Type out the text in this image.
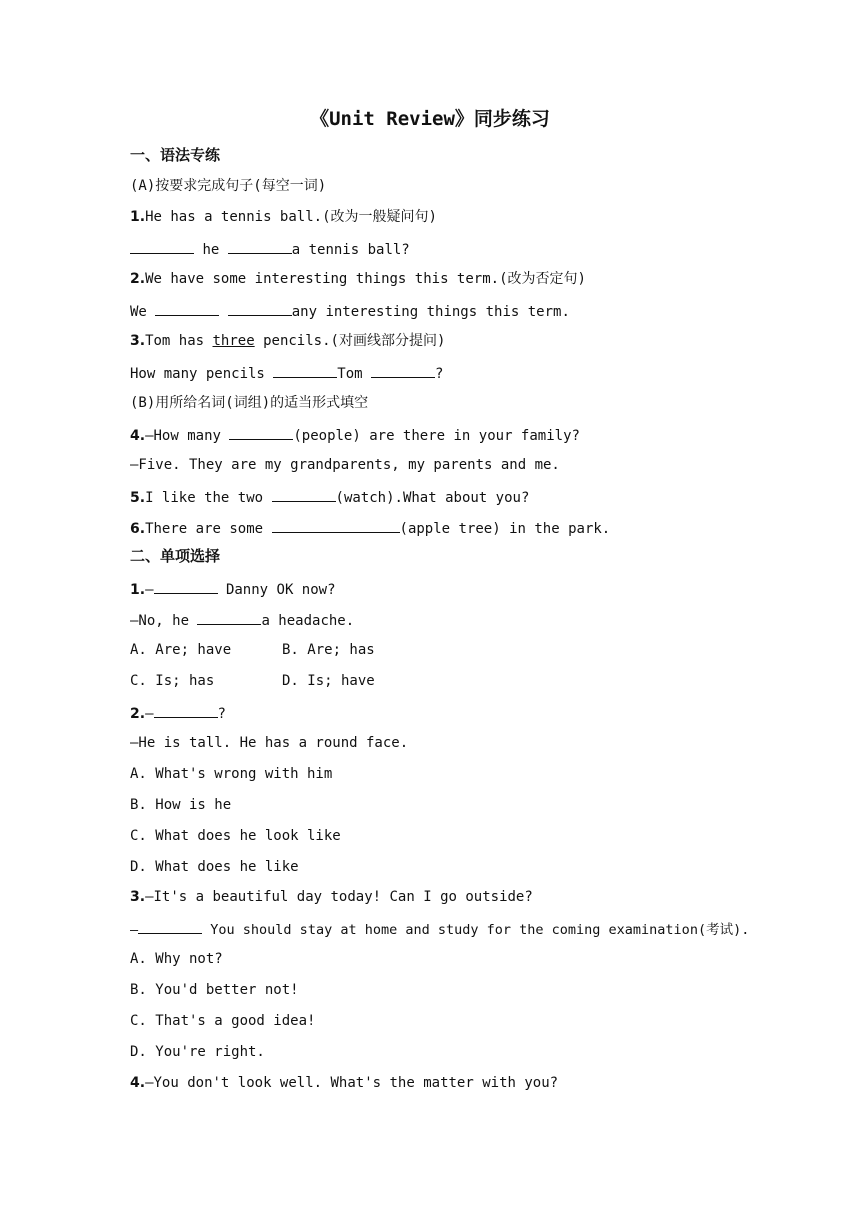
《Unit Review》同步练习
一、语法专练
(A)按要求完成句子(每空一词)
1.He has a tennis ball.(改为一般疑问句)
he	a tennis ball?
2.We have some interesting things this term.(改为否定句)
We	any interesting things this term.
3.Tom has three pencils.(对画线部分提问)
How many pencils	Tom	?
(B)用所给名词(词组)的适当形式填空
4.—How many	(people) are there in your family?
—Five. They are my grandparents, my parents and me.
5.I like the two	(watch).What about you?
6.There are some	(apple tree) in the park.
二、单项选择
1.—	Danny OK now?
—No, he	a headache.
A. Are; have	B. Are; has
C. Is; has	D. Is; have
2.—	?
—He is tall. He has a round face.
A. What's wrong with him
B. How is he
C. What does he look like
D. What does he like
3.—It's a beautiful day today! Can I go outside?
—	You should stay at home and study for the coming examination(考试).
A. Why not?
B. You'd better not!
C. That's a good idea!
D. You're right.
4.—You don't look well. What's the matter with you?
